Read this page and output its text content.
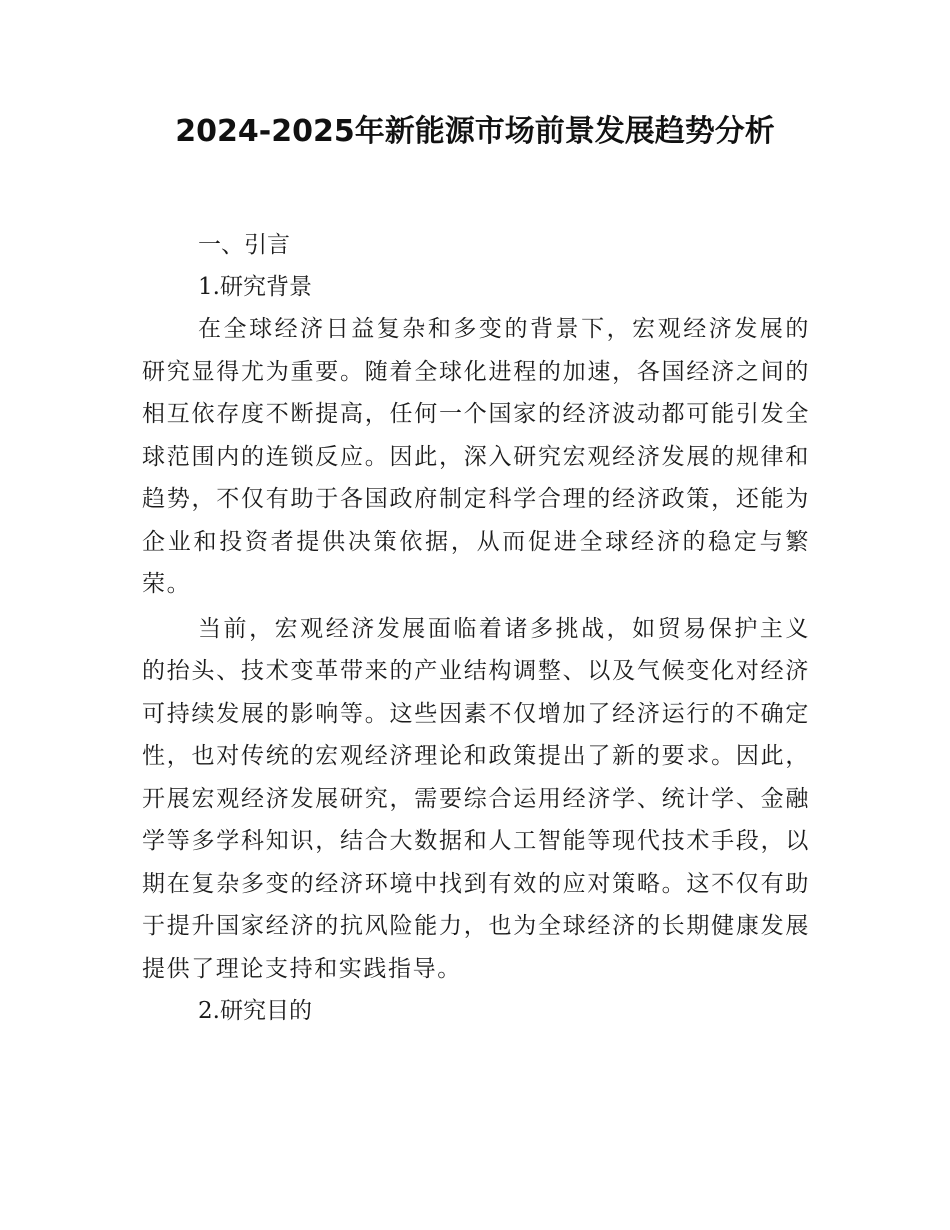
2024-2025年新能源市场前景发展趋势分析
一、引言
1.研究背景

在全球经济日益复杂和多变的背景下，宏观经济发展的研究显得尤为重要。随着全球化进程的加速，各国经济之间的相互依存度不断提高，任何一个国家的经济波动都可能引发全球范围内的连锁反应。因此，深入研究宏观经济发展的规律和趋势，不仅有助于各国政府制定科学合理的经济政策，还能为企业和投资者提供决策依据，从而促进全球经济的稳定与繁荣。

当前，宏观经济发展面临着诸多挑战，如贸易保护主义的抬头、技术变革带来的产业结构调整、以及气候变化对经济可持续发展的影响等。这些因素不仅增加了经济运行的不确定性，也对传统的宏观经济理论和政策提出了新的要求。因此，开展宏观经济发展研究，需要综合运用经济学、统计学、金融学等多学科知识，结合大数据和人工智能等现代技术手段，以期在复杂多变的经济环境中找到有效的应对策略。这不仅有助于提升国家经济的抗风险能力，也为全球经济的长期健康发展提供了理论支持和实践指导。

2.研究目的
